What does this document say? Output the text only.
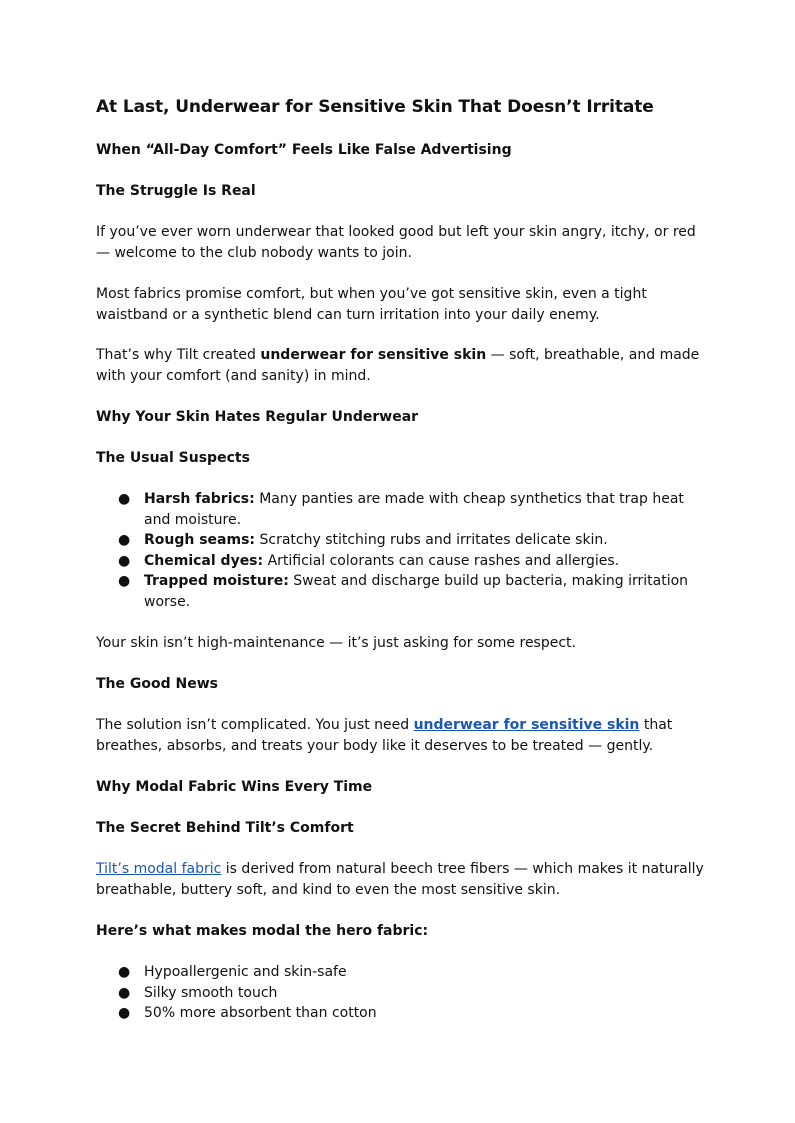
At Last, Underwear for Sensitive Skin That Doesn’t Irritate
When “All-Day Comfort” Feels Like False Advertising
The Struggle Is Real

If you’ve ever worn underwear that looked good but left your skin angry, itchy, or red — welcome to the club nobody wants to join.

Most fabrics promise comfort, but when you’ve got sensitive skin, even a tight waistband or a synthetic blend can turn irritation into your daily enemy.

That’s why Tilt created underwear for sensitive skin — soft, breathable, and made with your comfort (and sanity) in mind.

Why Your Skin Hates Regular Underwear
The Usual Suspects
● Harsh fabrics: Many panties are made with cheap synthetics that trap heat and moisture.
● Rough seams: Scratchy stitching rubs and irritates delicate skin.
● Chemical dyes: Artificial colorants can cause rashes and allergies.
● Trapped moisture: Sweat and discharge build up bacteria, making irritation worse.

Your skin isn’t high-maintenance — it’s just asking for some respect.

The Good News

The solution isn’t complicated. You just need underwear for sensitive skin that breathes, absorbs, and treats your body like it deserves to be treated — gently.

Why Modal Fabric Wins Every Time
The Secret Behind Tilt’s Comfort

Tilt’s modal fabric is derived from natural beech tree fibers — which makes it naturally breathable, buttery soft, and kind to even the most sensitive skin.

Here’s what makes modal the hero fabric:
● Hypoallergenic and skin-safe
● Silky smooth touch
● 50% more absorbent than cotton
